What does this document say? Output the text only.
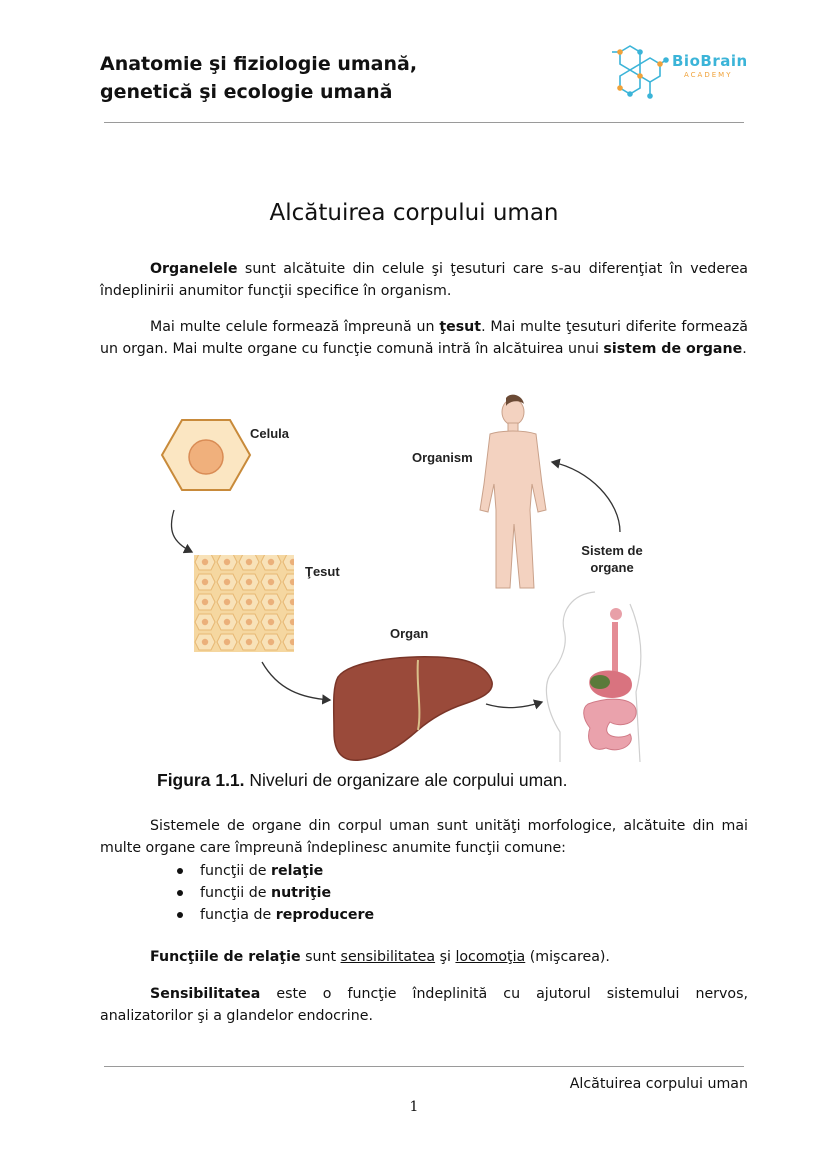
Anatomie şi fiziologie umană,
genetică şi ecologie umană
BioBrain
ACADEMY
Alcătuirea corpului uman
Organelele sunt alcătuite din celule şi ţesuturi care s-au diferenţiat în vederea îndeplinirii anumitor funcţii specifice în organism.
Mai multe celule formează împreună un ţesut. Mai multe ţesuturi diferite formează un organ. Mai multe organe cu funcţie comună intră în alcătuirea unui sistem de organe.
Celula
Ţesut
Organ
Organism
Sistem de organe
Figura 1.1. Niveluri de organizare ale corpului uman.
Sistemele de organe din corpul uman sunt unităţi morfologice, alcătuite din mai multe organe care împreună îndeplinesc anumite funcţii comune:
funcţii de relaţie
funcţii de nutriţie
funcţia de reproducere
Funcţiile de relaţie sunt sensibilitatea şi locomoţia (mişcarea).
Sensibilitatea este o funcţie îndeplinită cu ajutorul sistemului nervos, analizatorilor şi a glandelor endocrine.
Alcătuirea corpului uman
1
